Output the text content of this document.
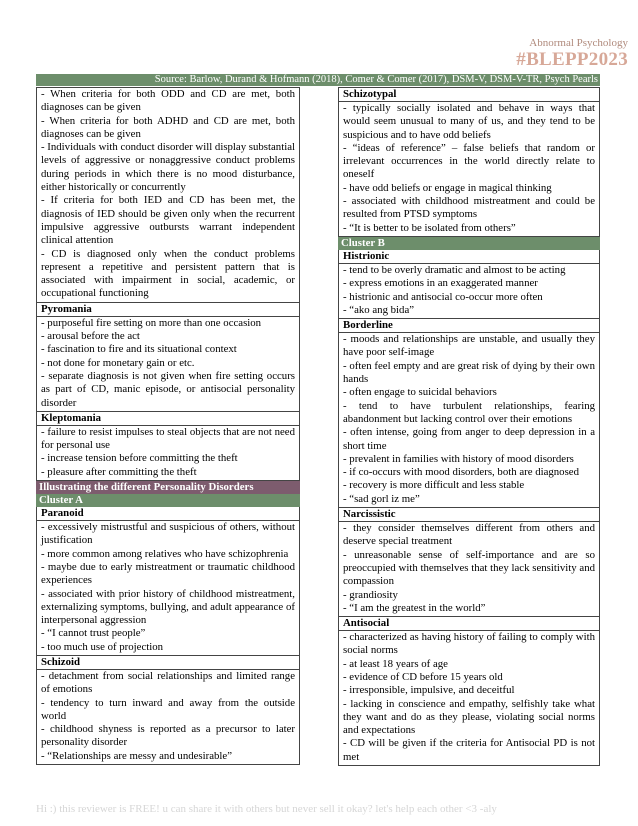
Abnormal Psychology
#BLEPP2023
Source: Barlow, Durand & Hofmann (2018), Comer & Comer (2017), DSM-V, DSM-V-TR, Psych Pearls
- When criteria for both ODD and CD are met, both diagnoses can be given
- When criteria for both ADHD and CD are met, both diagnoses can be given
- Individuals with conduct disorder will display substantial levels of aggressive or nonaggressive conduct problems during periods in which there is no mood disturbance, either historically or concurrently
- If criteria for both IED and CD has been met, the diagnosis of IED should be given only when the recurrent impulsive aggressive outbursts warrant independent clinical attention
- CD is diagnosed only when the conduct problems represent a repetitive and persistent pattern that is associated with impairment in social, academic, or occupational functioning
Pyromania
- purposeful fire setting on more than one occasion
- arousal before the act
- fascination to fire and its situational context
- not done for monetary gain or etc.
- separate diagnosis is not given when fire setting occurs as part of CD, manic episode, or antisocial personality disorder
Kleptomania
- failure to resist impulses to steal objects that are not need for personal use
- increase tension before committing the theft
- pleasure after committing the theft
Illustrating the different Personality Disorders
Cluster A
Paranoid
- excessively mistrustful and suspicious of others, without justification
- more common among relatives who have schizophrenia
- maybe due to early mistreatment or traumatic childhood experiences
- associated with prior history of childhood mistreatment, externalizing symptoms, bullying, and adult appearance of interpersonal aggression
- “I cannot trust people”
- too much use of projection
Schizoid
- detachment from social relationships and limited range of emotions
- tendency to turn inward and away from the outside world
- childhood shyness is reported as a precursor to later personality disorder
- “Relationships are messy and undesirable”
Schizotypal
- typically socially isolated and behave in ways that would seem unusual to many of us, and they tend to be suspicious and to have odd beliefs
- “ideas of reference” – false beliefs that random or irrelevant occurrences in the world directly relate to oneself
- have odd beliefs or engage in magical thinking
- associated with childhood mistreatment and could be resulted from PTSD symptoms
- “It is better to be isolated from others”
Cluster B
Histrionic
- tend to be overly dramatic and almost to be acting
- express emotions in an exaggerated manner
- histrionic and antisocial co-occur more often
- “ako ang bida”
Borderline
- moods and relationships are unstable, and usually they have poor self-image
- often feel empty and are great risk of dying by their own hands
- often engage to suicidal behaviors
- tend to have turbulent relationships, fearing abandonment but lacking control over their emotions
- often intense, going from anger to deep depression in a short time
- prevalent in families with history of mood disorders
- if co-occurs with mood disorders, both are diagnosed
- recovery is more difficult and less stable
- “sad gorl iz me”
Narcissistic
- they consider themselves different from others and deserve special treatment
- unreasonable sense of self-importance and are so preoccupied with themselves that they lack sensitivity and compassion
- grandiosity
- “I am the greatest in the world”
Antisocial
- characterized as having history of failing to comply with social norms
- at least 18 years of age
- evidence of CD before 15 years old
- irresponsible, impulsive, and deceitful
- lacking in conscience and empathy, selfishly take what they want and do as they please, violating social norms and expectations
- CD will be given if the criteria for Antisocial PD is not met
Hi :) this reviewer is FREE! u can share it with others but never sell it okay? let's help each other <3 -aly
